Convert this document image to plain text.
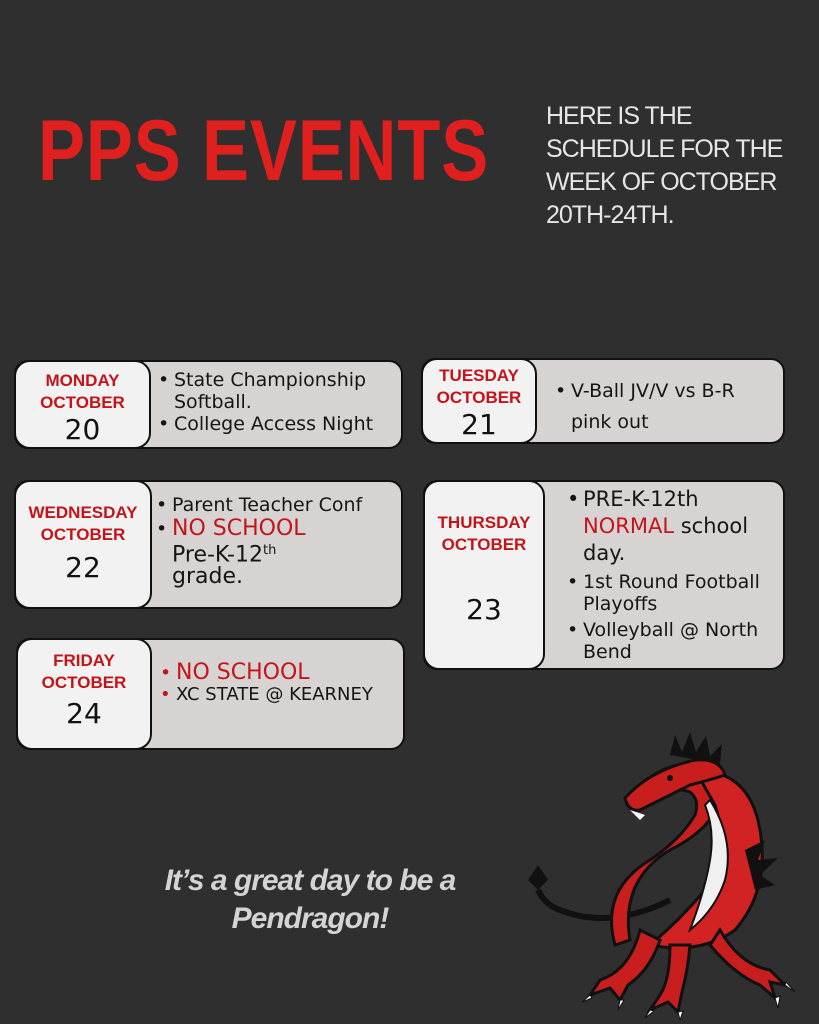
PPS EVENTS HERE IS THE SCHEDULE FOR THE WEEK OF OCTOBER 20TH-24TH.
MONDAY
OCTOBER
20
• State Championship Softball.
• College Access Night
TUESDAY
OCTOBER
21
• V-Ball JV/V vs B-R pink out
WEDNESDAY
OCTOBER
22
• Parent Teacher Conf
• NO SCHOOL
Pre-K-12th
grade.
THURSDAY
OCTOBER
23
• PRE-K-12th NORMAL school day.
• 1st Round Football Playoffs
• Volleyball @ North Bend
FRIDAY
OCTOBER
24
• NO SCHOOL
• XC STATE @ KEARNEY
It’s a great day to be a Pendragon!
